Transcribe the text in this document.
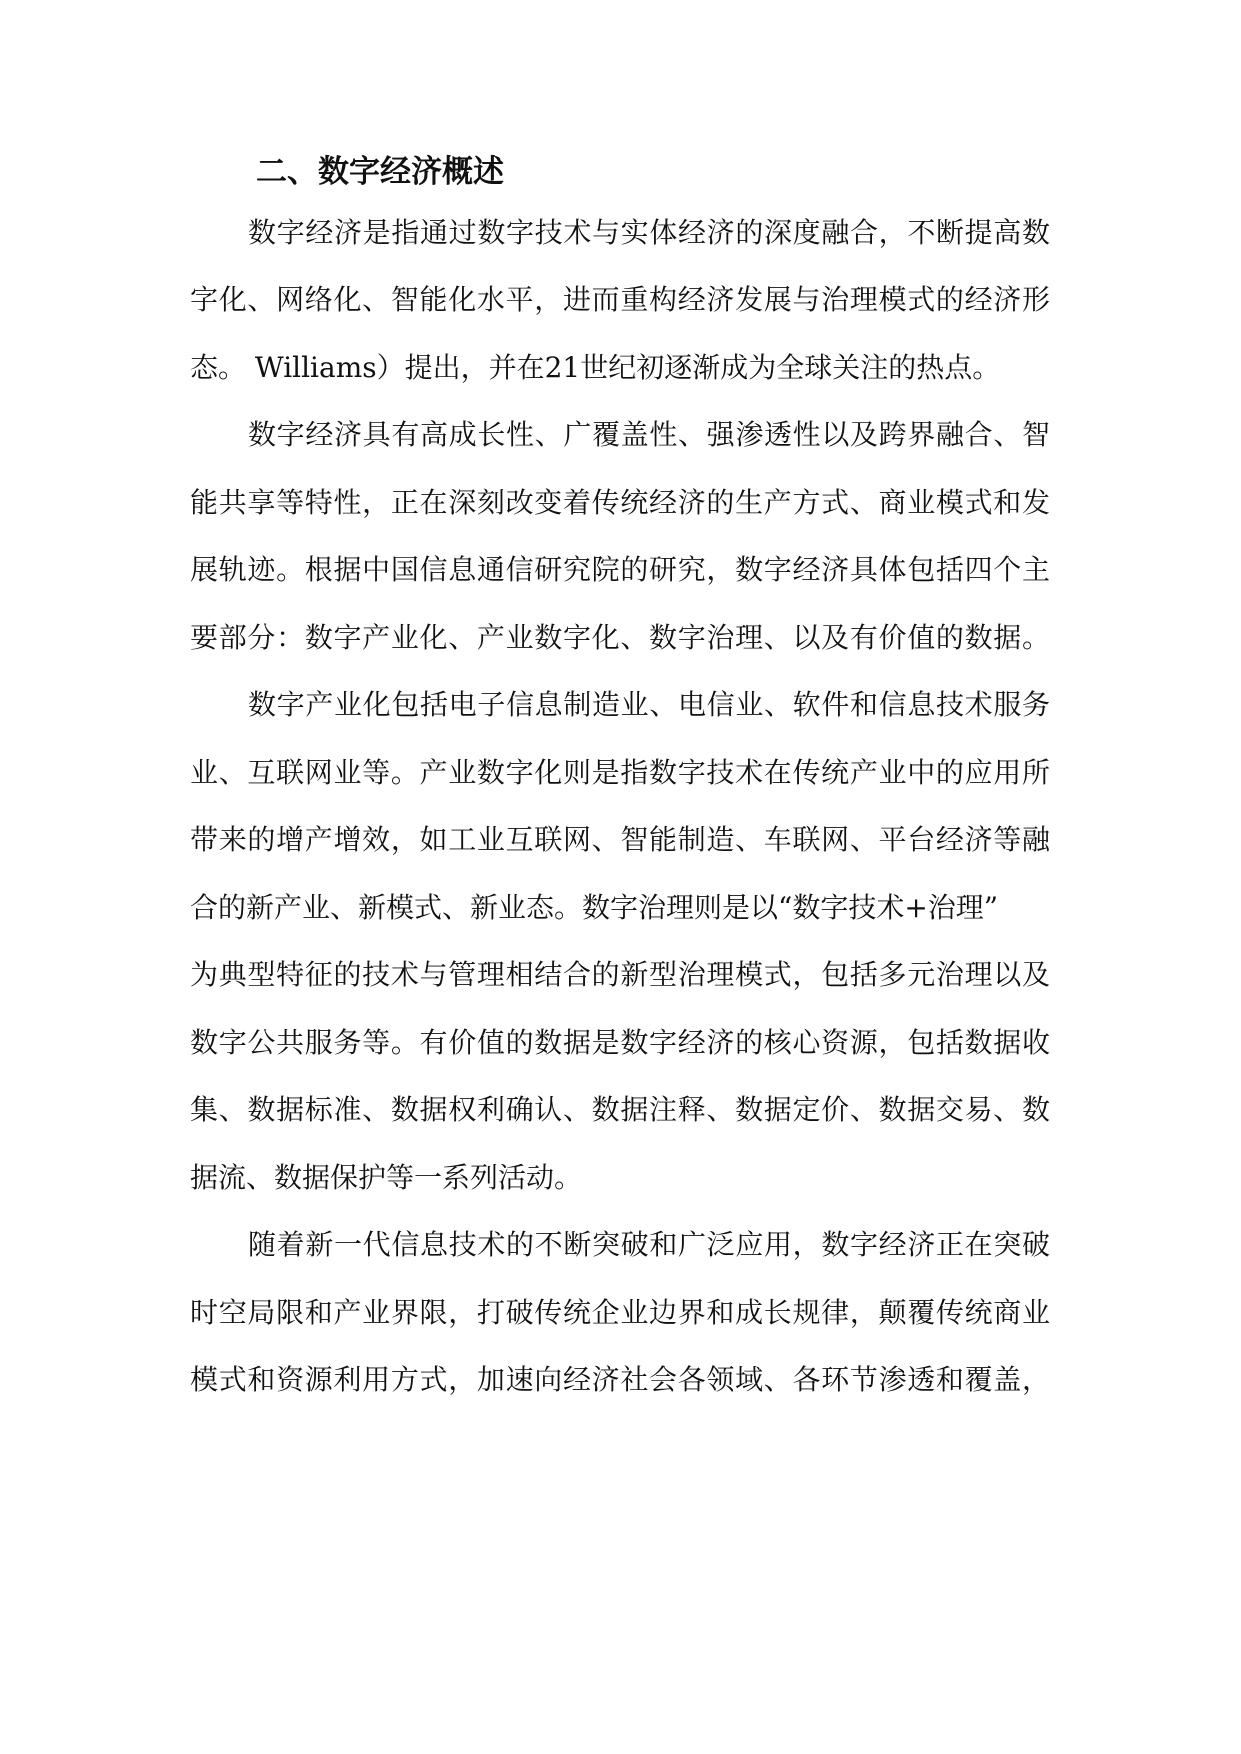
二、数字经济概述

数字经济是指通过数字技术与实体经济的深度融合，不断提高数

字化、网络化、智能化水平，进而重构经济发展与治理模式的经济形

态。 Williams）提出，并在21世纪初逐渐成为全球关注的热点。

数字经济具有高成长性、广覆盖性、强渗透性以及跨界融合、智

能共享等特性，正在深刻改变着传统经济的生产方式、商业模式和发

展轨迹。根据中国信息通信研究院的研究，数字经济具体包括四个主

要部分：数字产业化、产业数字化、数字治理、以及有价值的数据。

数字产业化包括电子信息制造业、电信业、软件和信息技术服务

业、互联网业等。产业数字化则是指数字技术在传统产业中的应用所

带来的增产增效，如工业互联网、智能制造、车联网、平台经济等融

合的新产业、新模式、新业态。数字治理则是以“数字技术+治理”

为典型特征的技术与管理相结合的新型治理模式，包括多元治理以及

数字公共服务等。有价值的数据是数字经济的核心资源，包括数据收

集、数据标准、数据权利确认、数据注释、数据定价、数据交易、数

据流、数据保护等一系列活动。

随着新一代信息技术的不断突破和广泛应用，数字经济正在突破

时空局限和产业界限，打破传统企业边界和成长规律，颠覆传统商业

模式和资源利用方式，加速向经济社会各领域、各环节渗透和覆盖，
